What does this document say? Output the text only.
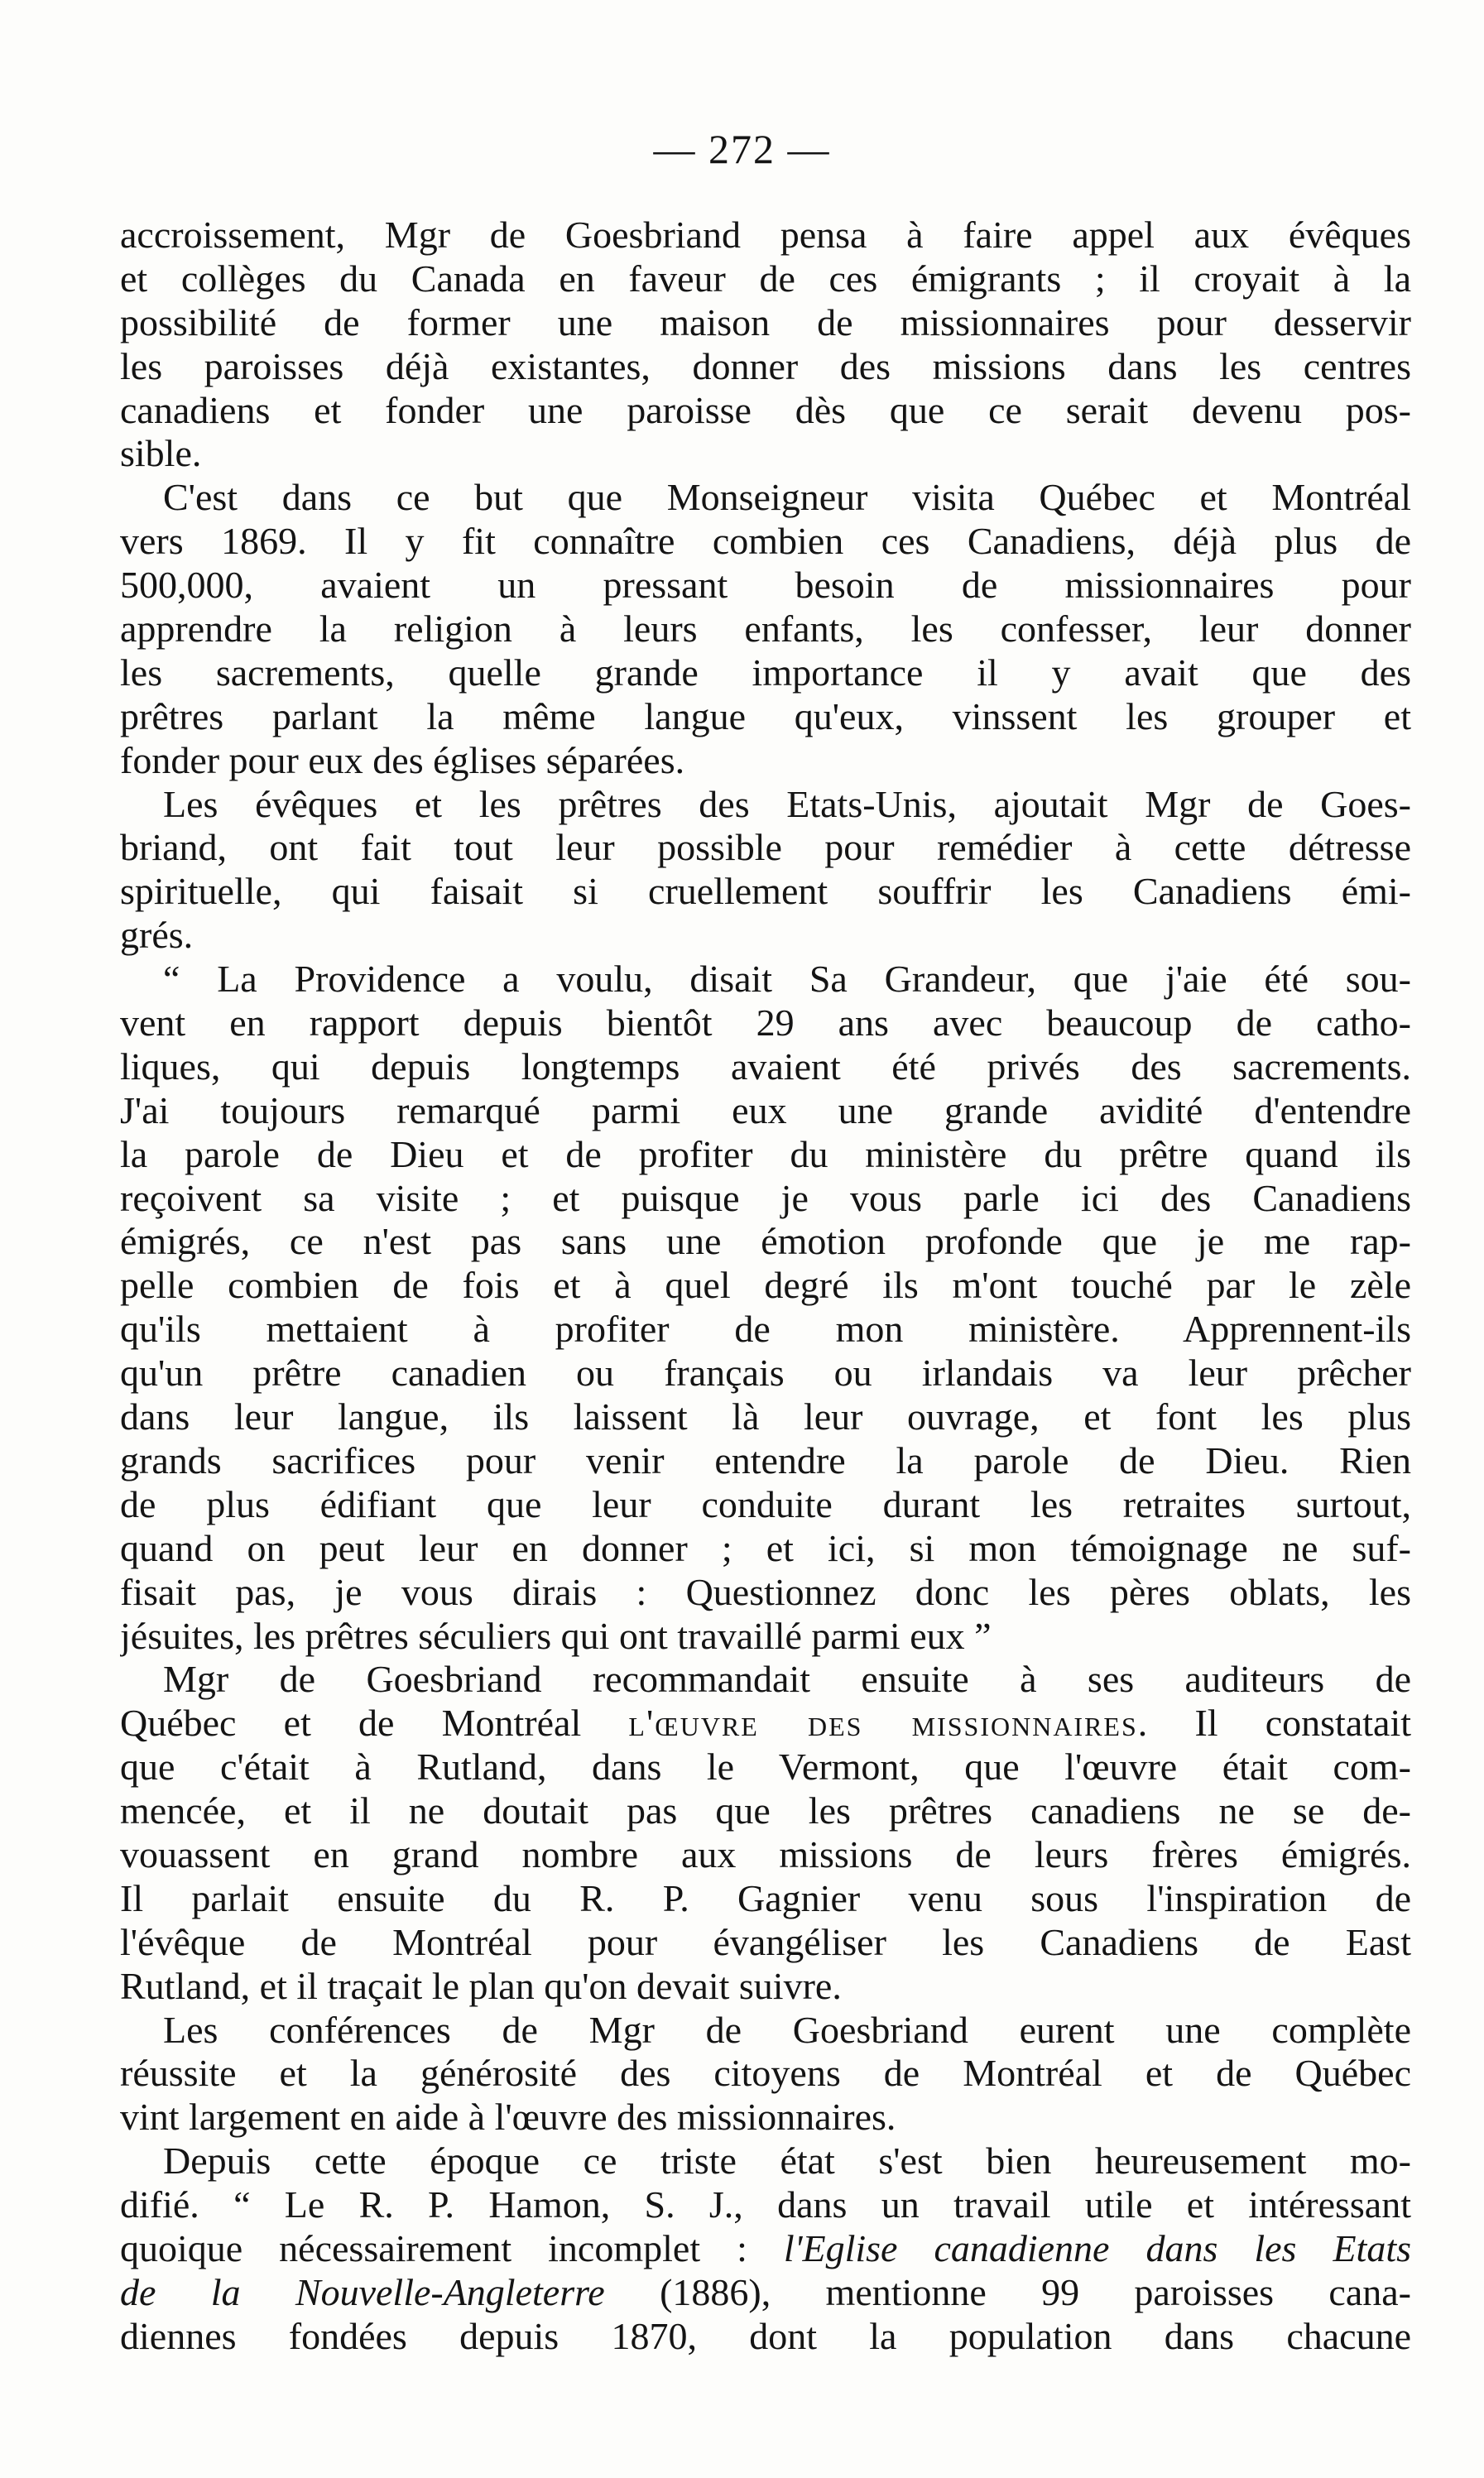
— 272 —
accroissement, Mgr de Goesbriand pensa à faire appel aux évêques
et collèges du Canada en faveur de ces émigrants ; il croyait à la
possibilité de former une maison de missionnaires pour desservir
les paroisses déjà existantes, donner des missions dans les centres
canadiens et fonder une paroisse dès que ce serait devenu pos-
sible.
C'est dans ce but que Monseigneur visita Québec et Montréal
vers 1869. Il y fit connaître combien ces Canadiens, déjà plus de
500,000, avaient un pressant besoin de missionnaires pour
apprendre la religion à leurs enfants, les confesser, leur donner
les sacrements, quelle grande importance il y avait que des
prêtres parlant la même langue qu'eux, vinssent les grouper et
fonder pour eux des églises séparées.
Les évêques et les prêtres des Etats-Unis, ajoutait Mgr de Goes-
briand, ont fait tout leur possible pour remédier à cette détresse
spirituelle, qui faisait si cruellement souffrir les Canadiens émi-
grés.
“ La Providence a voulu, disait Sa Grandeur, que j'aie été sou-
vent en rapport depuis bientôt 29 ans avec beaucoup de catho-
liques, qui depuis longtemps avaient été privés des sacrements.
J'ai toujours remarqué parmi eux une grande avidité d'entendre
la parole de Dieu et de profiter du ministère du prêtre quand ils
reçoivent sa visite ; et puisque je vous parle ici des Canadiens
émigrés, ce n'est pas sans une émotion profonde que je me rap-
pelle combien de fois et à quel degré ils m'ont touché par le zèle
qu'ils mettaient à profiter de mon ministère. Apprennent-ils
qu'un prêtre canadien ou français ou irlandais va leur prêcher
dans leur langue, ils laissent là leur ouvrage, et font les plus
grands sacrifices pour venir entendre la parole de Dieu. Rien
de plus édifiant que leur conduite durant les retraites surtout,
quand on peut leur en donner ; et ici, si mon témoignage ne suf-
fisait pas, je vous dirais : Questionnez donc les pères oblats, les
jésuites, les prêtres séculiers qui ont travaillé parmi eux ”
Mgr de Goesbriand recommandait ensuite à ses auditeurs de
Québec et de Montréal l'œuvre des missionnaires. Il constatait
que c'était à Rutland, dans le Vermont, que l'œuvre était com-
mencée, et il ne doutait pas que les prêtres canadiens ne se de-
vouassent en grand nombre aux missions de leurs frères émigrés.
Il parlait ensuite du R. P. Gagnier venu sous l'inspiration de
l'évêque de Montréal pour évangéliser les Canadiens de East
Rutland, et il traçait le plan qu'on devait suivre.
Les conférences de Mgr de Goesbriand eurent une complète
réussite et la générosité des citoyens de Montréal et de Québec
vint largement en aide à l'œuvre des missionnaires.
Depuis cette époque ce triste état s'est bien heureusement mo-
difié. “ Le R. P. Hamon, S. J., dans un travail utile et intéressant
quoique nécessairement incomplet : l'Eglise canadienne dans les Etats
de la Nouvelle-Angleterre (1886), mentionne 99 paroisses cana-
diennes fondées depuis 1870, dont la population dans chacune
